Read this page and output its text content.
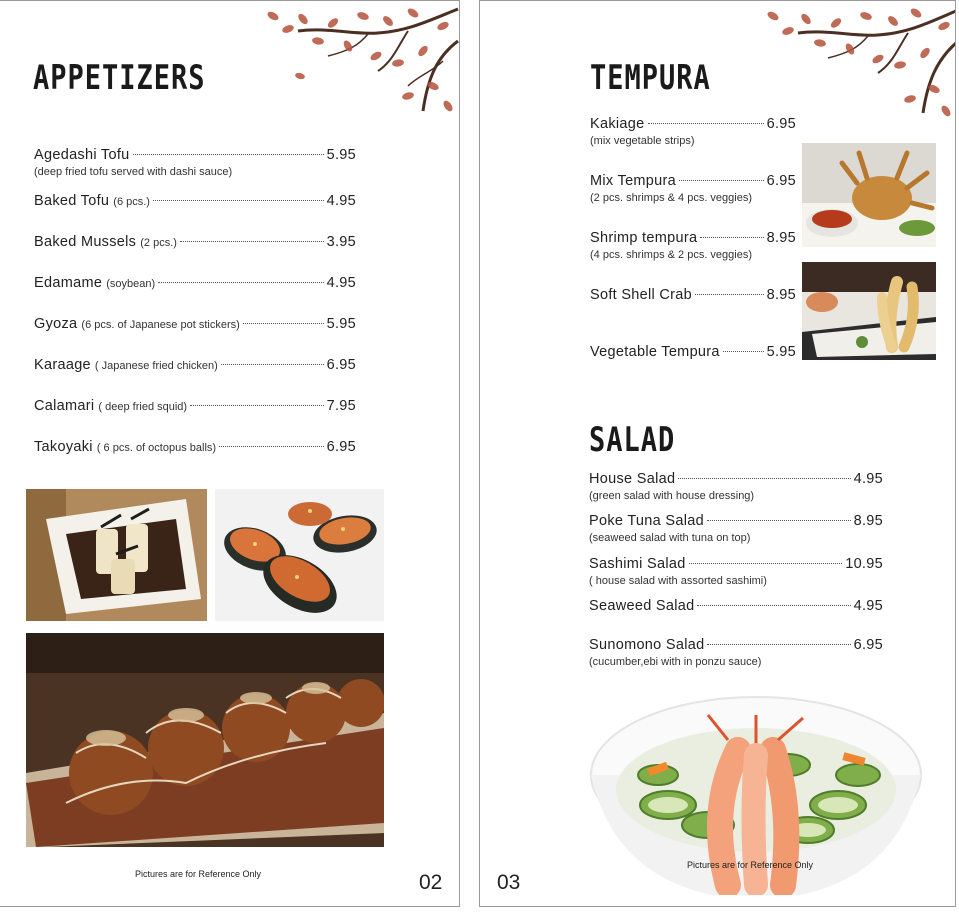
APPETIZERS
Agedashi Tofu	5.95
(deep fried tofu served with dashi sauce)
Baked Tofu (6 pcs.)	4.95
Baked Mussels (2 pcs.)	3.95
Edamame (soybean)	4.95
Gyoza (6 pcs. of Japanese pot stickers)	5.95
Karaage ( Japanese fried chicken)	6.95
Calamari ( deep fried squid)	7.95
Takoyaki ( 6 pcs. of octopus balls)	6.95
Pictures are for Reference Only	02
TEMPURA
Kakiage	6.95
(mix vegetable strips)
Mix Tempura	6.95
(2 pcs. shrimps & 4 pcs. veggies)
Shrimp tempura	8.95
(4 pcs. shrimps & 2 pcs. veggies)
Soft Shell Crab	8.95
Vegetable Tempura	5.95
SALAD
House Salad	4.95
(green salad with house dressing)
Poke Tuna Salad	8.95
(seaweed salad with tuna on top)
Sashimi Salad	10.95
( house salad with assorted sashimi)
Seaweed Salad	4.95
Sunomono Salad	6.95
(cucumber,ebi with in ponzu sauce)
Pictures are for Reference Only
03
